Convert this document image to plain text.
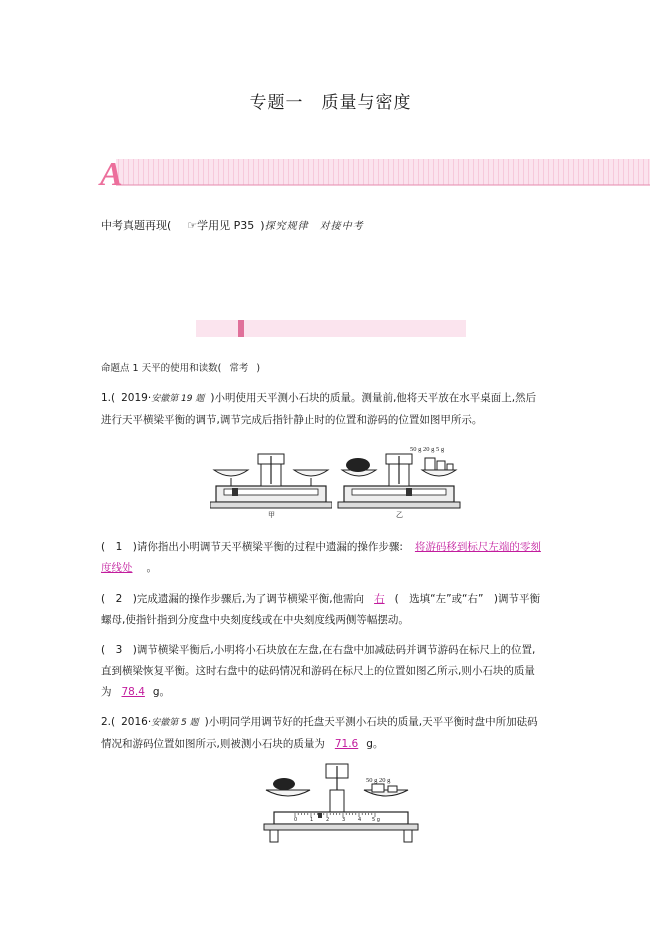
专题一　质量与密度
A
中考真题再现( ☞学用见 P35 )探究规律　对接中考
命题点 1 天平的使用和读数( 常考 )
1.( 2019·安徽第 19 题 )小明使用天平测小石块的质量。测量前,他将天平放在水平桌面上,然后进行天平横梁平衡的调节,调节完成后指针静止时的位置和游码的位置如图甲所示。
甲
50 g 20 g 5 g
乙
(　1　)请你指出小明调节天平横梁平衡的过程中遗漏的操作步骤: 将游码移到标尺左端的零刻度线处 。
(　2　)完成遗漏的操作步骤后,为了调节横梁平衡,他需向 右 (　选填“左”或“右”　)调节平衡螺母,使指针指到分度盘中央刻度线或在中央刻度线两侧等幅摆动。
(　3　)调节横梁平衡后,小明将小石块放在左盘,在右盘中加减砝码并调节游码在标尺上的位置,直到横梁恢复平衡。这时右盘中的砝码情况和游码在标尺上的位置如图乙所示,则小石块的质量为 78.4 g。
2.( 2016·安徽第 5 题 )小明同学用调节好的托盘天平测小石块的质量,天平平衡时盘中所加砝码情况和游码位置如图所示,则被测小石块的质量为 71.6 g。
50 g 20 g
0	1	2	3	4 5 g
